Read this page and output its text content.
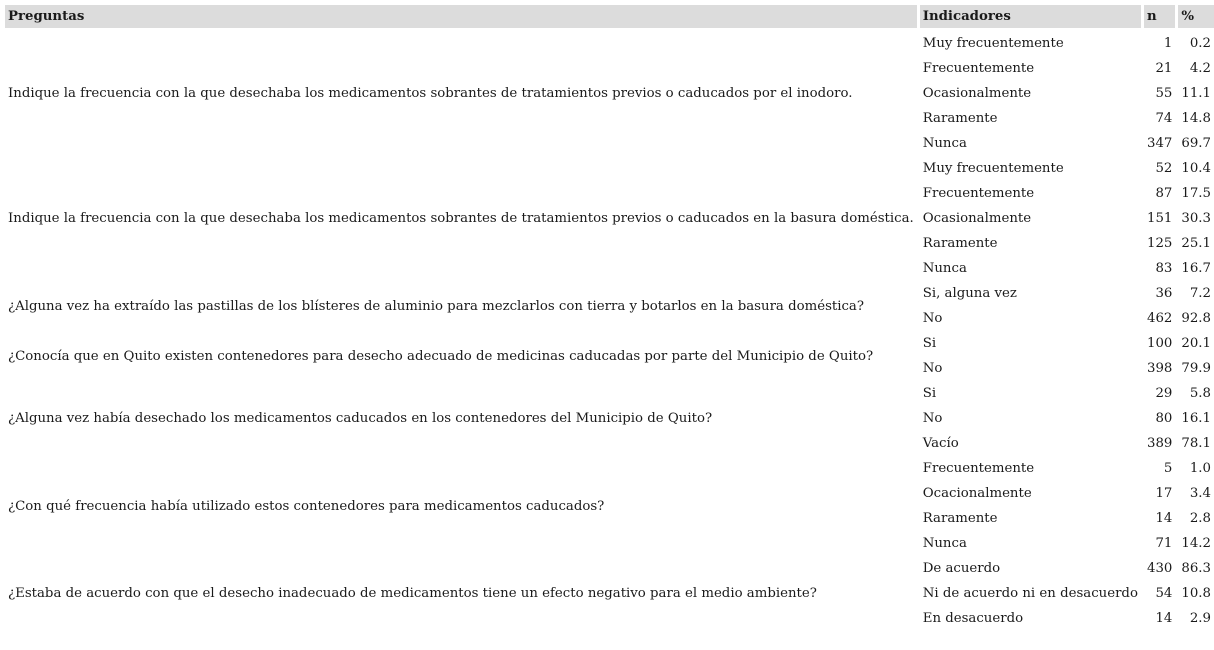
Preguntas	Indicadores	n	%

Indique la frecuencia con la que desechaba los medicamentos sobrantes de tratamientos previos o caducados por el inodoro.	Muy frecuentemente	1	0.2
	Frecuentemente	21	4.2
	Ocasionalmente	55	11.1
	Raramente	74	14.8
	Nunca	347	69.7
Indique la frecuencia con la que desechaba los medicamentos sobrantes de tratamientos previos o caducados en la basura doméstica.	Muy frecuentemente	52	10.4
	Frecuentemente	87	17.5
	Ocasionalmente	151	30.3
	Raramente	125	25.1
	Nunca	83	16.7
¿Alguna vez ha extraído las pastillas de los blísteres de aluminio para mezclarlos con tierra y botarlos en la basura doméstica?	Si, alguna vez	36	7.2
	No	462	92.8
¿Conocía que en Quito existen contenedores para desecho adecuado de medicinas caducadas por parte del Municipio de Quito?	Si	100	20.1
	No	398	79.9
¿Alguna vez había desechado los medicamentos caducados en los contenedores del Municipio de Quito?	Si	29	5.8
	No	80	16.1
	Vacío	389	78.1
¿Con qué frecuencia había utilizado estos contenedores para medicamentos caducados?	Frecuentemente	5	1.0
	Ocacionalmente	17	3.4
	Raramente	14	2.8
	Nunca	71	14.2
¿Estaba de acuerdo con que el desecho inadecuado de medicamentos tiene un efecto negativo para el medio ambiente?	De acuerdo	430	86.3
	Ni de acuerdo ni en desacuerdo	54	10.8
	En desacuerdo	14	2.9
